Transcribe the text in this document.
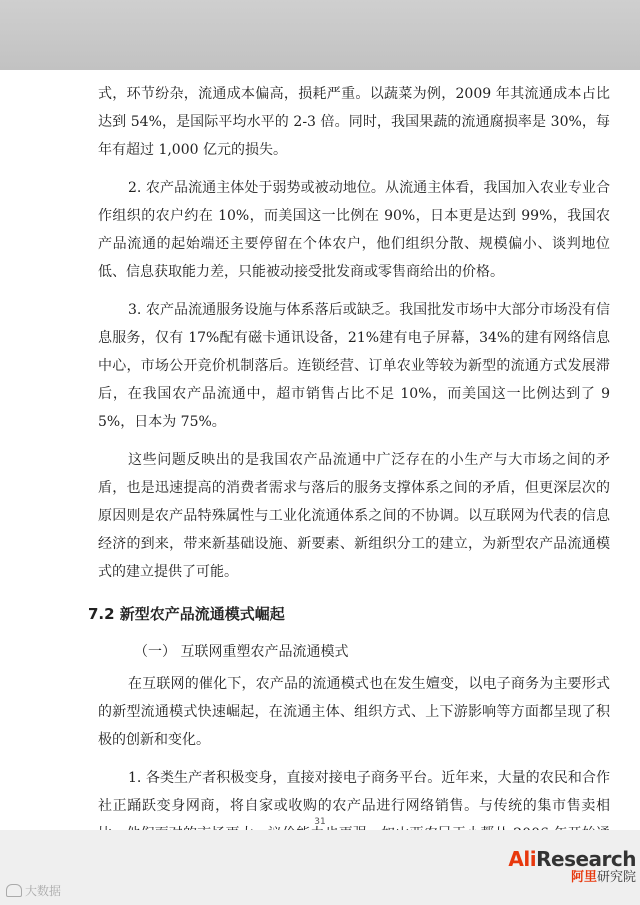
式，环节纷杂，流通成本偏高，损耗严重。以蔬菜为例，2009 年其流通成本占比达到 54%，是国际平均水平的 2-3 倍。同时，我国果蔬的流通腐损率是 30%，每年有超过 1,000 亿元的损失。

2. 农产品流通主体处于弱势或被动地位。从流通主体看，我国加入农业专业合作组织的农户约在 10%，而美国这一比例在 90%，日本更是达到 99%，我国农产品流通的起始端还主要停留在个体农户，他们组织分散、规模偏小、谈判地位低、信息获取能力差，只能被动接受批发商或零售商给出的价格。

3. 农产品流通服务设施与体系落后或缺乏。我国批发市场中大部分市场没有信息服务，仅有 17%配有磁卡通讯设备，21%建有电子屏幕，34%的建有网络信息中心，市场公开竞价机制落后。连锁经营、订单农业等较为新型的流通方式发展滞后，在我国农产品流通中，超市销售占比不足 10%，而美国这一比例达到了 95%，日本为 75%。

这些问题反映出的是我国农产品流通中广泛存在的小生产与大市场之间的矛盾，也是迅速提高的消费者需求与落后的服务支撑体系之间的矛盾，但更深层次的原因则是农产品特殊属性与工业化流通体系之间的不协调。以互联网为代表的信息经济的到来，带来新基础设施、新要素、新组织分工的建立，为新型农产品流通模式的建立提供了可能。

7.2 新型农产品流通模式崛起
（一） 互联网重塑农产品流通模式

在互联网的催化下，农产品的流通模式也在发生嬗变，以电子商务为主要形式的新型流通模式快速崛起，在流通主体、组织方式、上下游影响等方面都呈现了积极的创新和变化。

1. 各类生产者积极变身，直接对接电子商务平台。近年来，大量的农民和合作社正踊跃变身网商，将自家或收购的农产品进行网络销售。与传统的集市售卖相

31
大数据
AliResearch
阿里研究院
